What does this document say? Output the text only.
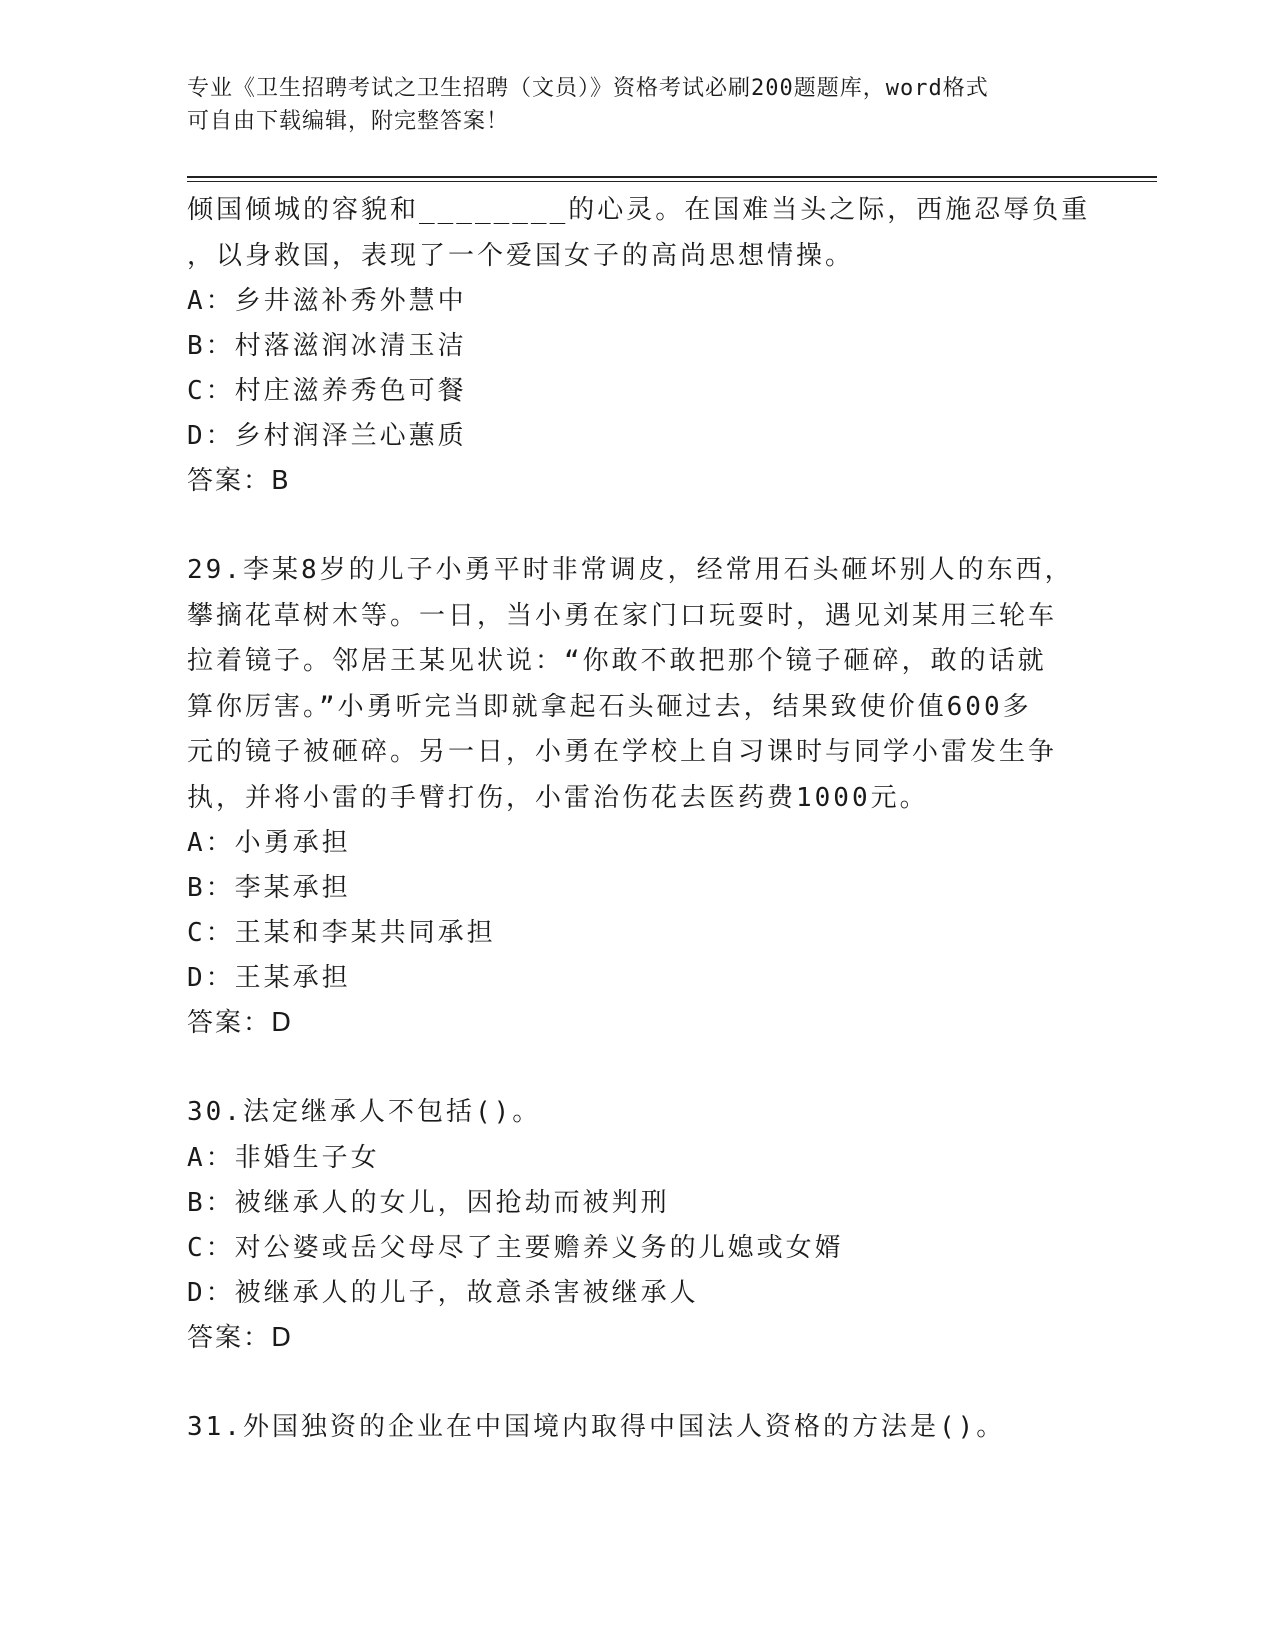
专业《卫生招聘考试之卫生招聘（文员）》资格考试必刷200题题库，word格式
可自由下载编辑，附完整答案！
倾国倾城的容貌和________的心灵。在国难当头之际，西施忍辱负重
，以身救国，表现了一个爱国女子的高尚思想情操。
A：乡井滋补秀外慧中
B：村落滋润冰清玉洁
C：村庄滋养秀色可餐
D：乡村润泽兰心蕙质
答案：B
29.李某8岁的儿子小勇平时非常调皮，经常用石头砸坏别人的东西，
攀摘花草树木等。一日，当小勇在家门口玩耍时，遇见刘某用三轮车
拉着镜子。邻居王某见状说：“你敢不敢把那个镜子砸碎，敢的话就
算你厉害。”小勇听完当即就拿起石头砸过去，结果致使价值600多
元的镜子被砸碎。另一日，小勇在学校上自习课时与同学小雷发生争
执，并将小雷的手臂打伤，小雷治伤花去医药费1000元。
A：小勇承担
B：李某承担
C：王某和李某共同承担
D：王某承担
答案：D
30.法定继承人不包括()。
A：非婚生子女
B：被继承人的女儿，因抢劫而被判刑
C：对公婆或岳父母尽了主要赡养义务的儿媳或女婿
D：被继承人的儿子，故意杀害被继承人
答案：D
31.外国独资的企业在中国境内取得中国法人资格的方法是()。
